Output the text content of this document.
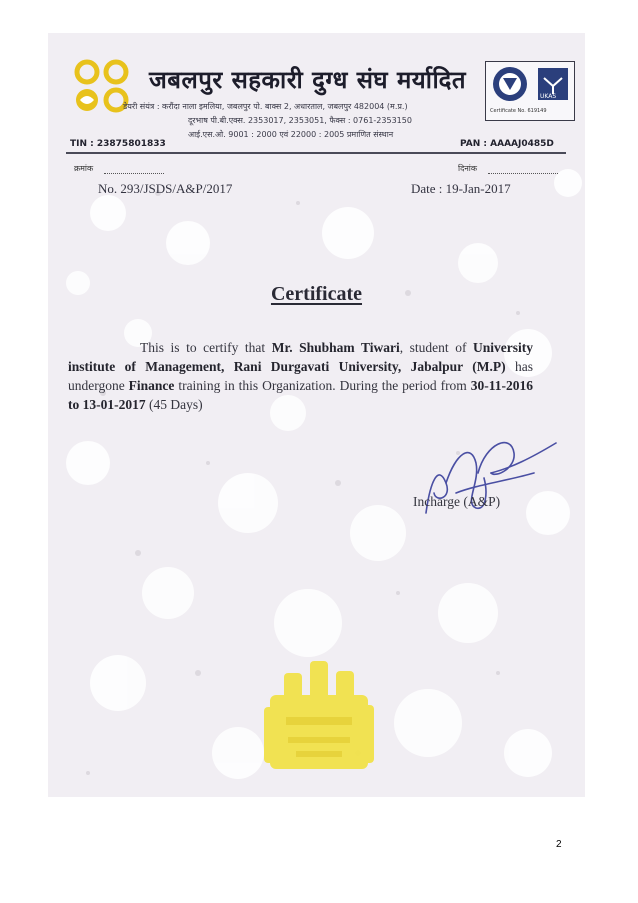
जबलपुर सहकारी दुग्ध संघ मर्यादित
डेयरी संयंत्र : करौंदा नाला इमलिया, जबलपुर पो. बाक्स 2, अधारताल, जबलपुर 482004 (म.प्र.)
दूरभाष पी.बी.एक्स. 2353017, 2353051, फैक्स : 0761-2353150
आई.एस.ओ. 9001 : 2000 एवं 22000 : 2005 प्रमाणित संस्थान
UKAS
Certificate No. 619149
TIN : 23875801833	PAN : AAAAJ0485D
क्रमांक
No. 293/JSDS/A&P/2017
दिनांक
Date : 19-Jan-2017
Certificate
This is to certify that Mr. Shubham Tiwari, student of University institute of Management, Rani Durgavati University, Jabalpur (M.P) has undergone Finance training in this Organization. During the period from 30-11-2016 to 13-01-2017 (45 Days)
Incharge (A&P)
2
